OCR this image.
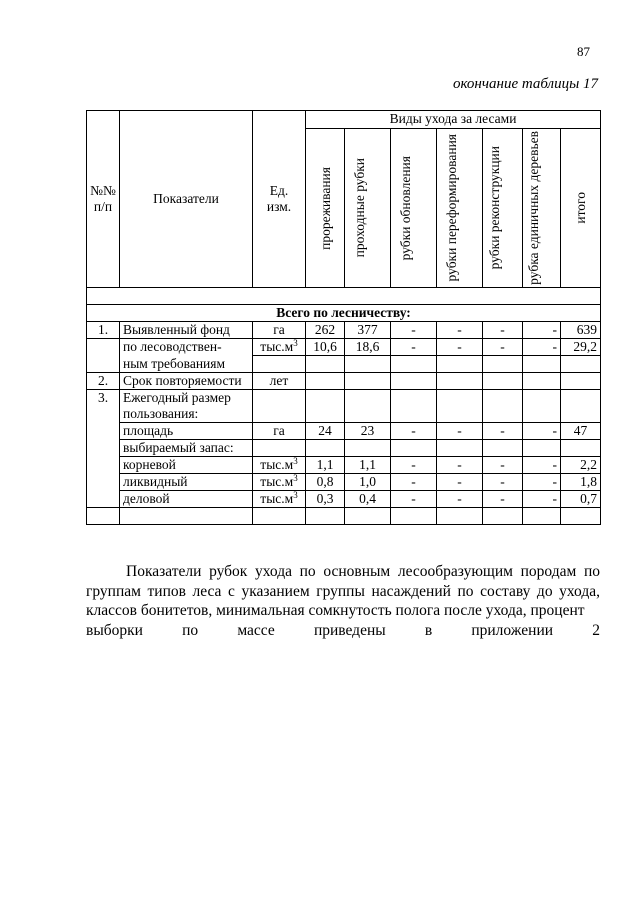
87
окончание таблицы 17
№№ п/п	Показатели	Ед. изм.	Виды ухода за лесами						

			прореживания	проходные рубки	рубки обновления	рубки переформирования	рубки реконструкции	рубка единичных деревьев	итого

Всего по лесничеству:									
1.	Выявленный фонд	га	262	377	-	-	-	-	639
	по лесоводствен-	$тыс.м^3$	10,6	18,6	-	-	-	-	29,2
	ным требованиям								
2.	Срок повторяемости	лет							
3.	Ежегодный размер пользования:								
	площадь	га	24	23	-	-	-	-	47
	выбираемый запас:								
	корневой	$тыс.м^3$	1,1	1,1	-	-	-	-	2,2
	ликвидный	$тыс.м^3$	0,8	1,0	-	-	-	-	1,8
	деловой	$тыс.м^3$	0,3	0,4	-	-	-	-	0,7

Показатели рубок ухода по основным лесообразующим породам по группам типов леса с указанием группы насаждений по составу до ухода, классов бонитетов, минимальная сомкнутость полога после ухода, процент
выборки	по	массе	приведены	в	приложении	2
